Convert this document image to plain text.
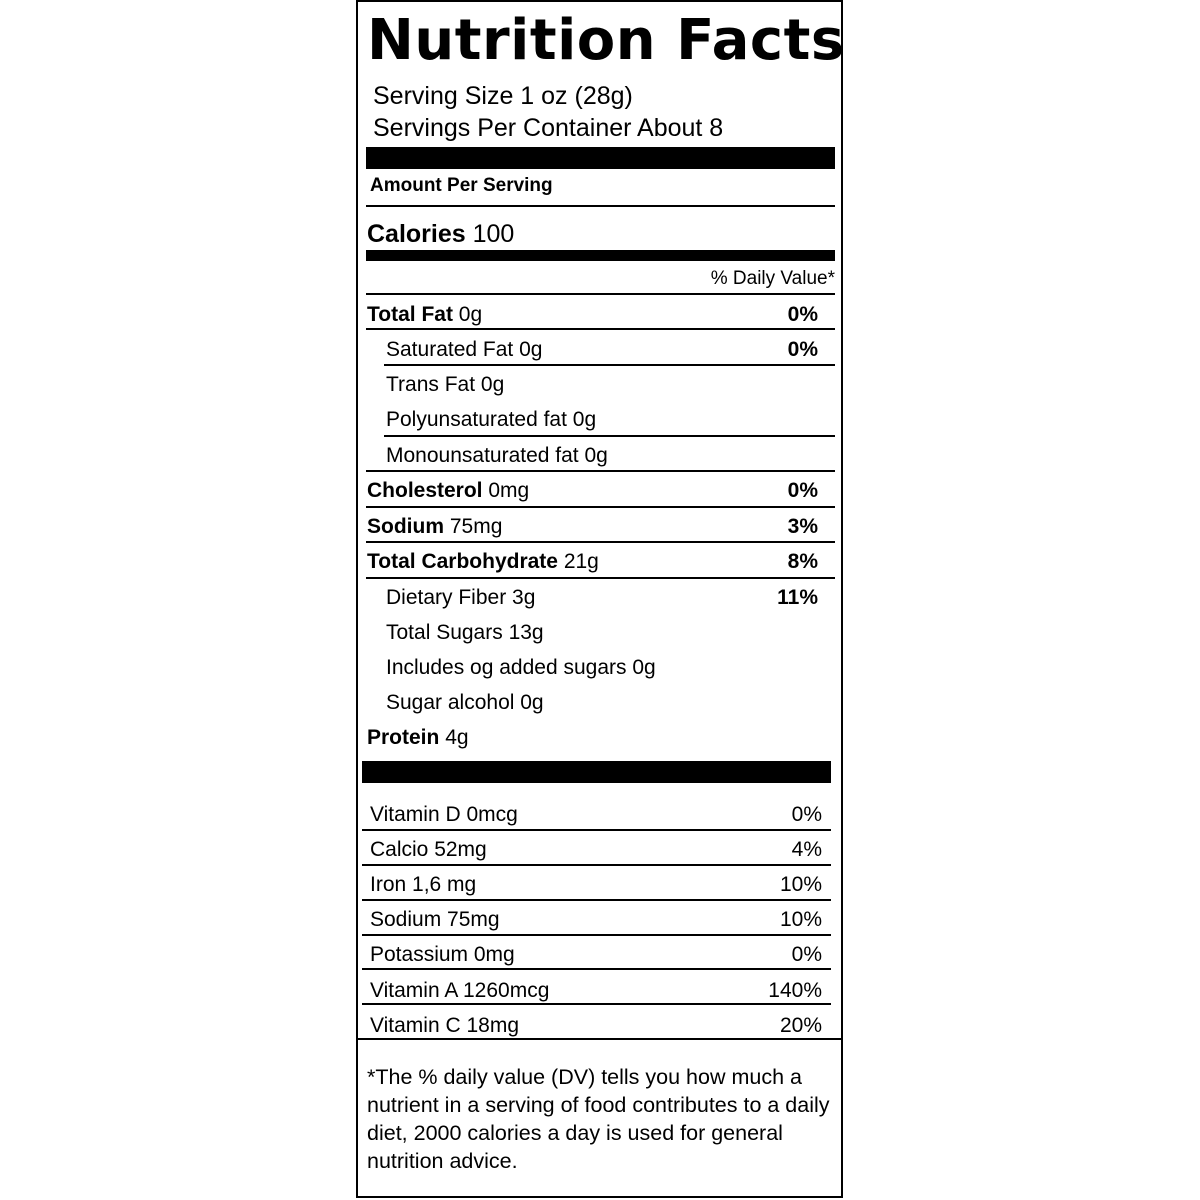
Nutrition Facts
Serving Size 1 oz (28g)
Servings Per Container About 8
Amount Per Serving
Calories 100
% Daily Value*
Total Fat 0g	0%
Saturated Fat 0g	0%
Trans Fat 0g
Polyunsaturated fat 0g
Monounsaturated fat 0g
Cholesterol 0mg	0%
Sodium 75mg	3%
Total Carbohydrate 21g	8%
Dietary Fiber 3g	11%
Total Sugars 13g
Includes og added sugars 0g
Sugar alcohol 0g
Protein 4g
Vitamin D 0mcg	0%
Calcio 52mg	4%
Iron 1,6 mg	10%
Sodium 75mg	10%
Potassium 0mg	0%
Vitamin A 1260mcg	140%
Vitamin C 18mg	20%
*The % daily value (DV) tells you how much a nutrient in a serving of food contributes to a daily diet, 2000 calories a day is used for general nutrition advice.
